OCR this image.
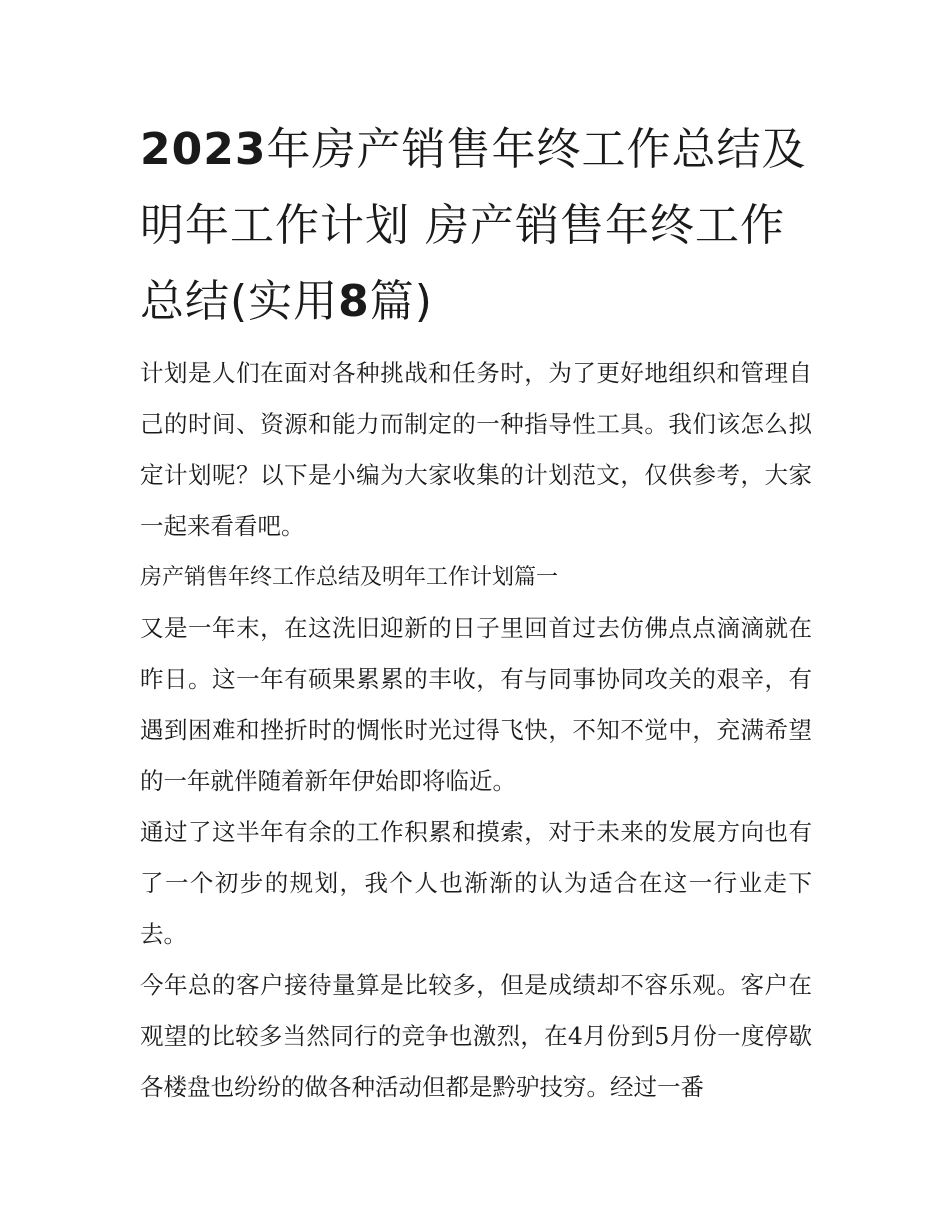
2023年房产销售年终工作总结及明年工作计划 房产销售年终工作总结(实用8篇)

计划是人们在面对各种挑战和任务时，为了更好地组织和管理自己的时间、资源和能力而制定的一种指导性工具。我们该怎么拟定计划呢？以下是小编为大家收集的计划范文，仅供参考，大家一起来看看吧。

房产销售年终工作总结及明年工作计划篇一

又是一年末，在这洗旧迎新的日子里回首过去仿佛点点滴滴就在昨日。这一年有硕果累累的丰收，有与同事协同攻关的艰辛，有遇到困难和挫折时的惆怅时光过得飞快，不知不觉中，充满希望的一年就伴随着新年伊始即将临近。

通过了这半年有余的工作积累和摸索，对于未来的发展方向也有了一个初步的规划，我个人也渐渐的认为适合在这一行业走下去。

今年总的客户接待量算是比较多，但是成绩却不容乐观。客户在观望的比较多当然同行的竞争也激烈，在4月份到5月份一度停歇各楼盘也纷纷的做各种活动但都是黔驴技穷。经过一番
